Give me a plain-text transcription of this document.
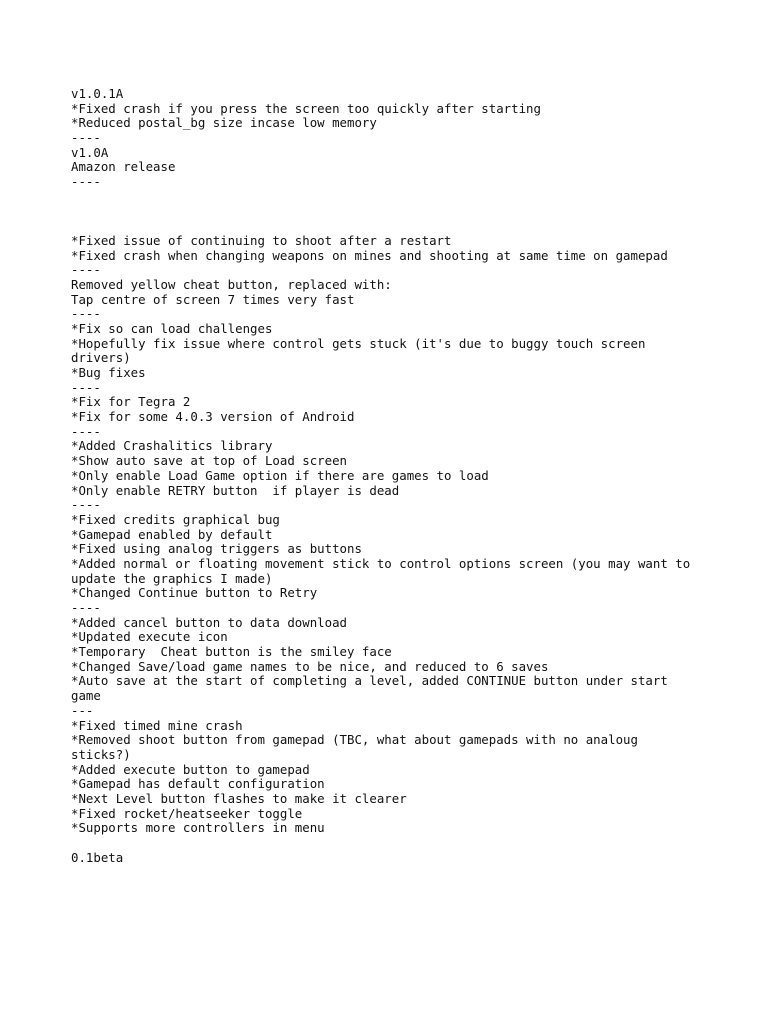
v1.0.1A
*Fixed crash if you press the screen too quickly after starting
*Reduced postal_bg size incase low memory
----
v1.0A
Amazon release
----
*Fixed issue of continuing to shoot after a restart
*Fixed crash when changing weapons on mines and shooting at same time on gamepad
----
Removed yellow cheat button, replaced with:
Tap centre of screen 7 times very fast
----
*Fix so can load challenges
*Hopefully fix issue where control gets stuck (it's due to buggy touch screen
drivers)
*Bug fixes
----
*Fix for Tegra 2
*Fix for some 4.0.3 version of Android
----
*Added Crashalitics library
*Show auto save at top of Load screen
*Only enable Load Game option if there are games to load
*Only enable RETRY button  if player is dead
----
*Fixed credits graphical bug
*Gamepad enabled by default
*Fixed using analog triggers as buttons
*Added normal or floating movement stick to control options screen (you may want to
update the graphics I made)
*Changed Continue button to Retry
----
*Added cancel button to data download
*Updated execute icon
*Temporary  Cheat button is the smiley face
*Changed Save/load game names to be nice, and reduced to 6 saves
*Auto save at the start of completing a level, added CONTINUE button under start
game
---
*Fixed timed mine crash
*Removed shoot button from gamepad (TBC, what about gamepads with no analoug
sticks?)
*Added execute button to gamepad
*Gamepad has default configuration
*Next Level button flashes to make it clearer
*Fixed rocket/heatseeker toggle
*Supports more controllers in menu
0.1beta
